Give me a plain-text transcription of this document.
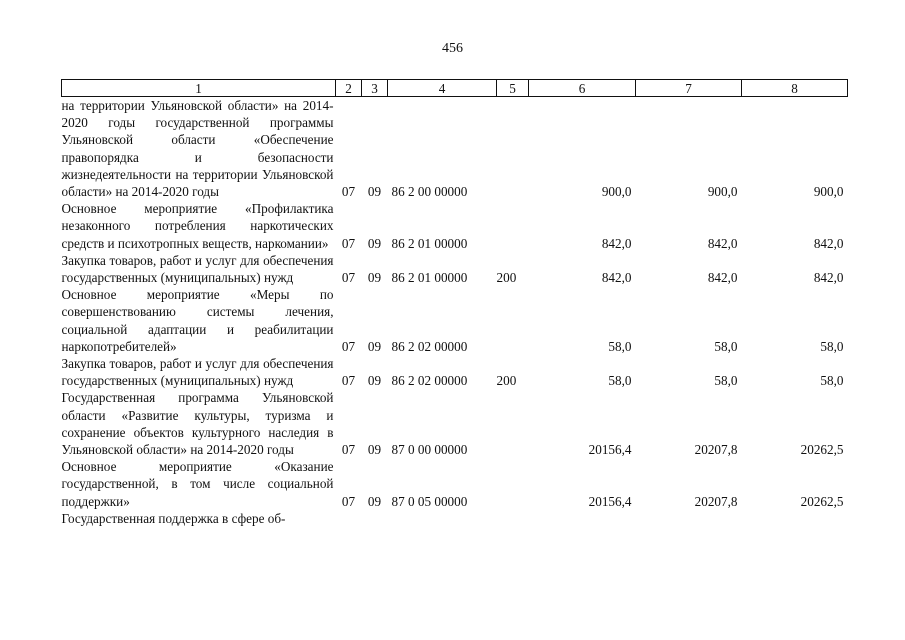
456
1	2	3	4	5	6	7	8
на территории Ульяновской области» на 2014-2020 годы государственной программы Ульяновской области «Обеспечение правопорядка и безопасности жизнедеятельности на территории Ульяновской области» на 2014-2020 годы	07	09	86 2 00 00000		900,0	900,0	900,0
Основное мероприятие «Профилактика незаконного потребления наркотических средств и психотропных веществ, наркомании»	07	09	86 2 01 00000		842,0	842,0	842,0
Закупка товаров, работ и услуг для обеспечения государственных (муниципальных) нужд	07	09	86 2 01 00000	200	842,0	842,0	842,0
Основное мероприятие «Меры по совершенствованию системы лечения, социальной адаптации и реабилитации наркопотребителей»	07	09	86 2 02 00000		58,0	58,0	58,0
Закупка товаров, работ и услуг для обеспечения государственных (муниципальных) нужд	07	09	86 2 02 00000	200	58,0	58,0	58,0
Государственная программа Ульяновской области «Развитие культуры, туризма и сохранение объектов культурного наследия в Ульяновской области» на 2014-2020 годы	07	09	87 0 00 00000		20156,4	20207,8	20262,5
Основное мероприятие «Оказание государственной, в том числе социальной поддержки»	07	09	87 0 05 00000		20156,4	20207,8	20262,5
Государственная поддержка в сфере об-							
